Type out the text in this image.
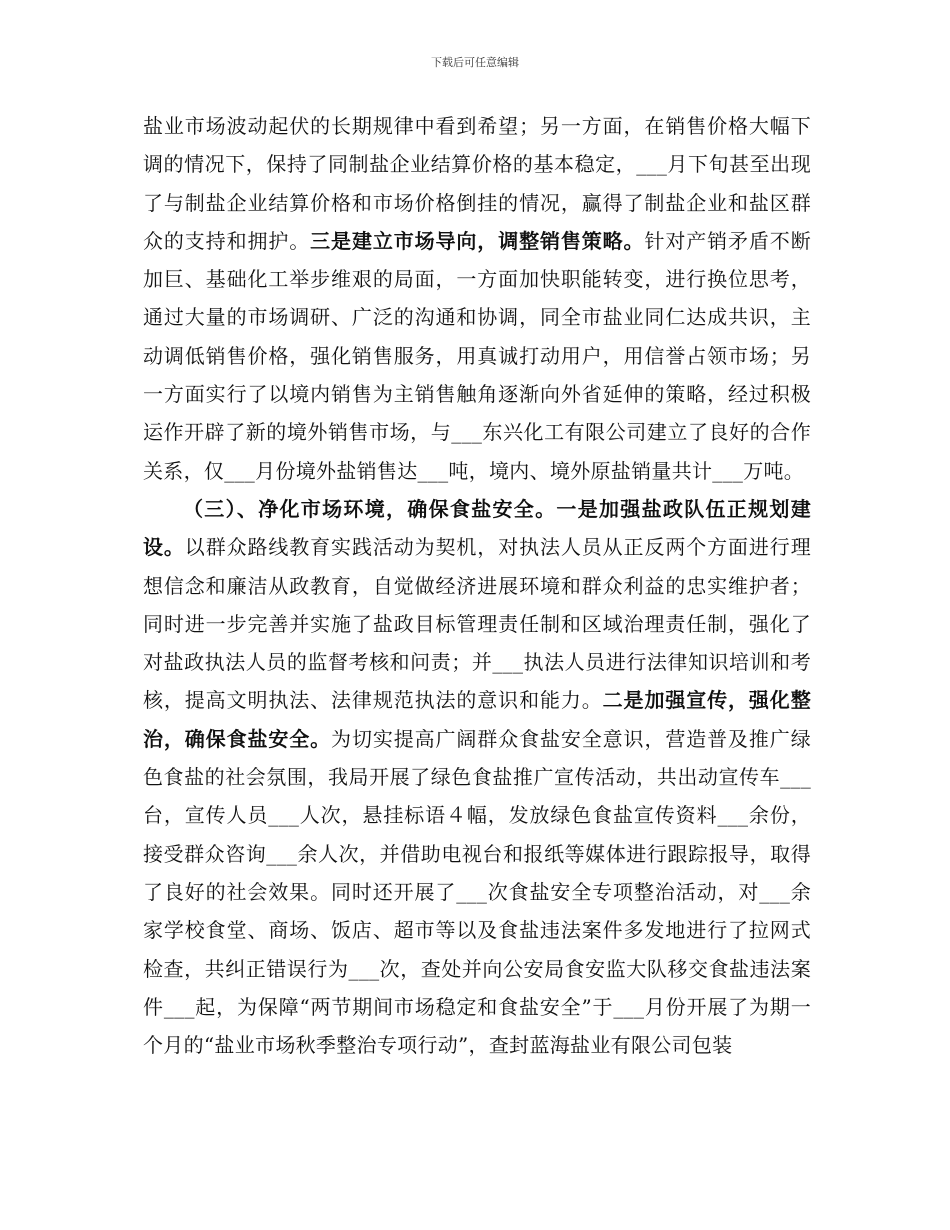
下载后可任意编辑

盐业市场波动起伏的长期规律中看到希望；另一方面，在销售价格大幅下调的情况下，保持了同制盐企业结算价格的基本稳定，___月下旬甚至出现了与制盐企业结算价格和市场价格倒挂的情况，赢得了制盐企业和盐区群众的支持和拥护。三是建立市场导向，调整销售策略。针对产销矛盾不断加巨、基础化工举步维艰的局面，一方面加快职能转变，进行换位思考，通过大量的市场调研、广泛的沟通和协调，同全市盐业同仁达成共识，主动调低销售价格，强化销售服务，用真诚打动用户，用信誉占领市场；另一方面实行了以境内销售为主销售触角逐渐向外省延伸的策略，经过积极运作开辟了新的境外销售市场，与___东兴化工有限公司建立了良好的合作关系，仅___月份境外盐销售达___吨，境内、境外原盐销量共计___万吨。

（三）、净化市场环境，确保食盐安全。一是加强盐政队伍正规划建设。以群众路线教育实践活动为契机，对执法人员从正反两个方面进行理想信念和廉洁从政教育，自觉做经济进展环境和群众利益的忠实维护者；同时进一步完善并实施了盐政目标管理责任制和区域治理责任制，强化了对盐政执法人员的监督考核和问责；并___执法人员进行法律知识培训和考核，提高文明执法、法律规范执法的意识和能力。二是加强宣传，强化整治，确保食盐安全。为切实提高广阔群众食盐安全意识，营造普及推广绿色食盐的社会氛围，我局开展了绿色食盐推广宣传活动，共出动宣传车___台，宣传人员___人次，悬挂标语４幅，发放绿色食盐宣传资料___余份，接受群众咨询___余人次，并借助电视台和报纸等媒体进行跟踪报导，取得了良好的社会效果。同时还开展了___次食盐安全专项整治活动，对___余家学校食堂、商场、饭店、超市等以及食盐违法案件多发地进行了拉网式检查，共纠正错误行为___次，查处并向公安局食安监大队移交食盐违法案件___起，为保障“两节期间市场稳定和食盐安全”于___月份开展了为期一个月的“盐业市场秋季整治专项行动”，查封蓝海盐业有限公司包装
